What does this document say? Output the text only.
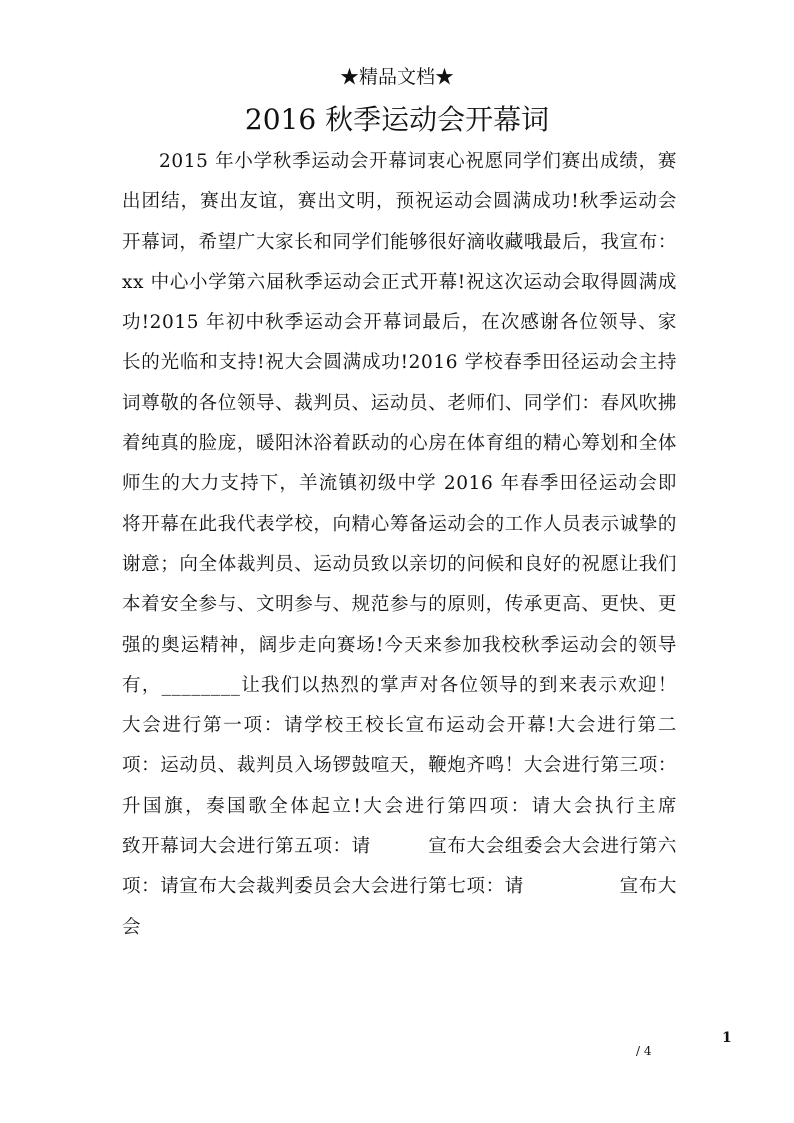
★精品文档★
2016 秋季运动会开幕词

2015 年小学秋季运动会开幕词衷心祝愿同学们赛出成绩，赛出团结，赛出友谊，赛出文明，预祝运动会圆满成功!秋季运动会开幕词，希望广大家长和同学们能够很好滴收藏哦最后，我宣布：xx 中心小学第六届秋季运动会正式开幕!祝这次运动会取得圆满成功!2015 年初中秋季运动会开幕词最后，在次感谢各位领导、家长的光临和支持!祝大会圆满成功!2016 学校春季田径运动会主持词尊敬的各位领导、裁判员、运动员、老师们、同学们：春风吹拂着纯真的脸庞，暖阳沐浴着跃动的心房在体育组的精心筹划和全体师生的大力支持下，羊流镇初级中学 2016 年春季田径运动会即将开幕在此我代表学校，向精心筹备运动会的工作人员表示诚挚的谢意；向全体裁判员、运动员致以亲切的问候和良好的祝愿让我们本着安全参与、文明参与、规范参与的原则，传承更高、更快、更强的奥运精神，阔步走向赛场!今天来参加我校秋季运动会的领导有，________让我们以热烈的掌声对各位领导的到来表示欢迎！大会进行第一项：请学校王校长宣布运动会开幕!大会进行第二项：运动员、裁判员入场锣鼓喧天，鞭炮齐鸣！大会进行第三项：升国旗，奏国歌全体起立!大会进行第四项：请大会执行主席　　　致开幕词大会进行第五项：请　　　宣布大会组委会大会进行第六项：请宣布大会裁判委员会大会进行第七项：请　　　　　宣布大会

1
/ 4
